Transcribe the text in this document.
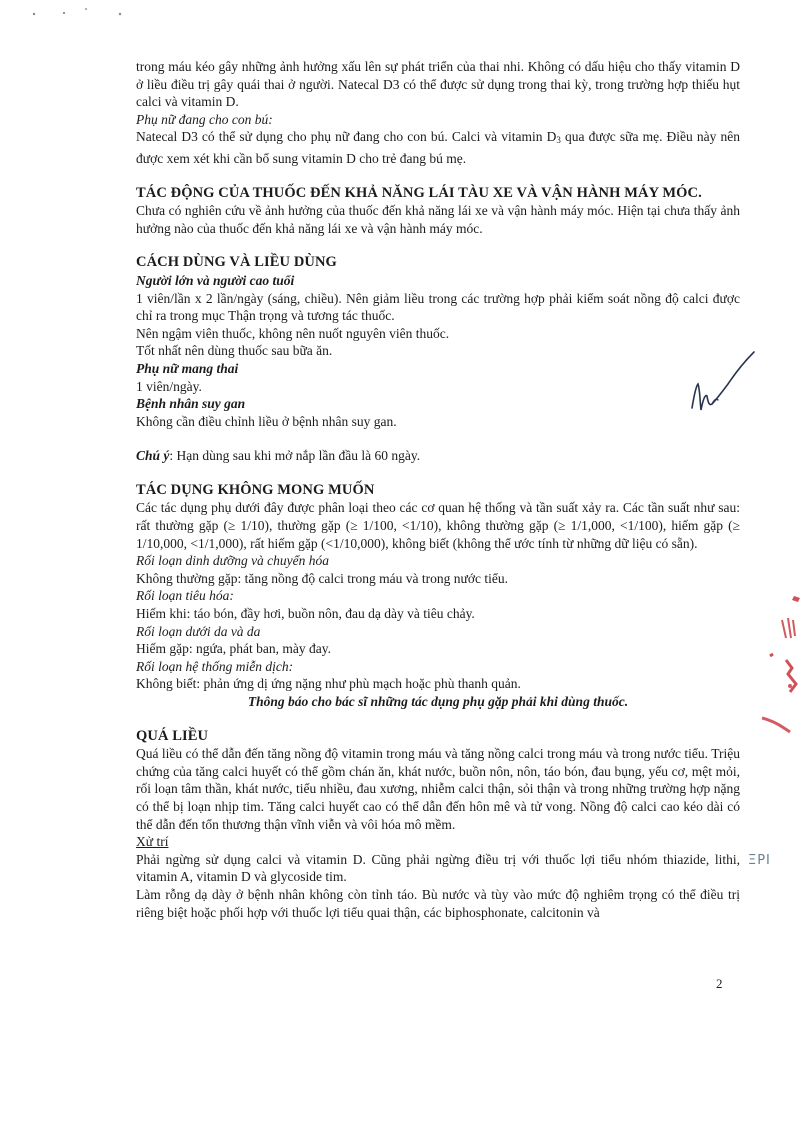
trong máu kéo gây những ảnh hưởng xấu lên sự phát triển của thai nhi. Không có dấu hiệu cho thấy vitamin D ở liều điều trị gây quái thai ở người. Natecal D3 có thể được sử dụng trong thai kỳ, trong trường hợp thiếu hụt calci và vitamin D.

Phụ nữ đang cho con bú:

Natecal D3 có thể sử dụng cho phụ nữ đang cho con bú. Calci và vitamin $D_3$ qua được sữa mẹ. Điều này nên được xem xét khi cần bổ sung vitamin D cho trẻ đang bú mẹ.

TÁC ĐỘNG CỦA THUỐC ĐẾN KHẢ NĂNG LÁI TÀU XE VÀ VẬN HÀNH MÁY MÓC.

Chưa có nghiên cứu về ảnh hưởng của thuốc đến khả năng lái xe và vận hành máy móc. Hiện tại chưa thấy ảnh hưởng nào của thuốc đến khả năng lái xe và vận hành máy móc.

CÁCH DÙNG VÀ LIỀU DÙNG

Người lớn và người cao tuổi

1 viên/lần x 2 lần/ngày (sáng, chiều). Nên giảm liều trong các trường hợp phải kiểm soát nồng độ calci được chỉ ra trong mục Thận trọng và tương tác thuốc.

Nên ngậm viên thuốc, không nên nuốt nguyên viên thuốc.

Tốt nhất nên dùng thuốc sau bữa ăn.

Phụ nữ mang thai

1 viên/ngày.

Bệnh nhân suy gan

Không cần điều chỉnh liều ở bệnh nhân suy gan.

Chú ý: Hạn dùng sau khi mở nắp lần đầu là 60 ngày.

TÁC DỤNG KHÔNG MONG MUỐN

Các tác dụng phụ dưới đây được phân loại theo các cơ quan hệ thống và tần suất xảy ra. Các tần suất như sau: rất thường gặp (≥ 1/10), thường gặp (≥ 1/100, <1/10), không thường gặp (≥ 1/1,000, <1/100), hiếm gặp (≥ 1/10,000, <1/1,000), rất hiếm gặp (<1/10,000), không biết (không thể ước tính từ những dữ liệu có sẵn).

Rối loạn dinh dưỡng và chuyển hóa

Không thường gặp: tăng nồng độ calci trong máu và trong nước tiểu.

Rối loạn tiêu hóa:

Hiếm khi: táo bón, đầy hơi, buồn nôn, đau dạ dày và tiêu chảy.

Rối loạn dưới da và da

Hiếm gặp: ngứa, phát ban, mày đay.

Rối loạn hệ thống miễn dịch:

Không biết: phản ứng dị ứng nặng như phù mạch hoặc phù thanh quản.

Thông báo cho bác sĩ những tác dụng phụ gặp phải khi dùng thuốc.

QUÁ LIỀU

Quá liều có thể dẫn đến tăng nồng độ vitamin trong máu và tăng nồng calci trong máu và trong nước tiểu. Triệu chứng của tăng calci huyết có thể gồm chán ăn, khát nước, buồn nôn, nôn, táo bón, đau bụng, yếu cơ, mệt mỏi, rối loạn tâm thần, khát nước, tiểu nhiều, đau xương, nhiễm calci thận, sỏi thận và trong những trường hợp nặng có thể bị loạn nhịp tim. Tăng calci huyết cao có thể dẫn đến hôn mê và tử vong. Nồng độ calci cao kéo dài có thể dẫn đến tổn thương thận vĩnh viễn và vôi hóa mô mềm.

Xử trí

Phải ngừng sử dụng calci và vitamin D. Cũng phải ngừng điều trị với thuốc lợi tiểu nhóm thiazide, lithi, vitamin A, vitamin D và glycoside tim.

Làm rỗng dạ dày ở bệnh nhân không còn tỉnh táo. Bù nước và tùy vào mức độ nghiêm trọng có thể điều trị riêng biệt hoặc phối hợp với thuốc lợi tiểu quai thận, các biphosphonate, calcitonin và

2
ΞΡΙ
